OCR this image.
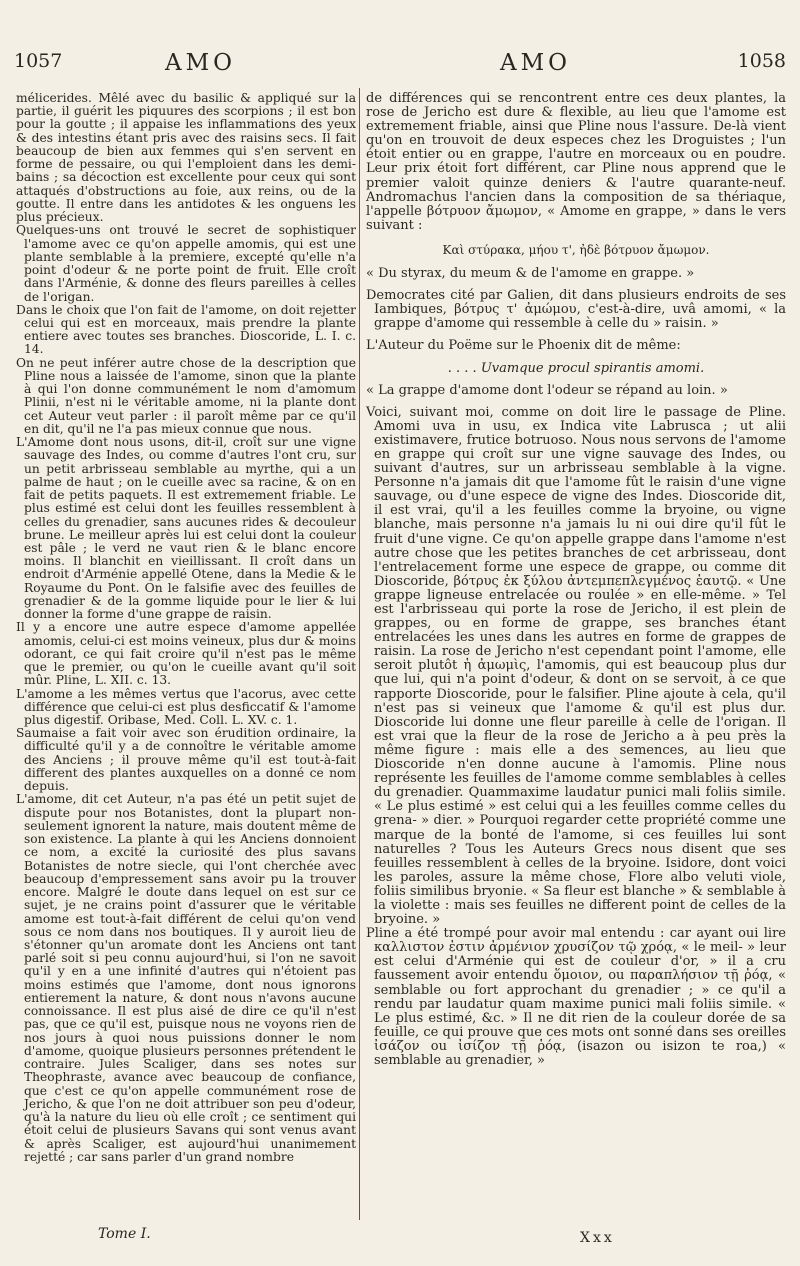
1057	AMO	AMO	1058

mélicerides. Mêlé avec du basilic & appliqué sur la partie, il guérit les piquures des scorpions ; il est bon pour la goutte ; il appaise les inflammations des yeux & des intestins étant pris avec des raisins secs. Il fait beaucoup de bien aux femmes qui s'en servent en forme de pessaire, ou qui l'emploient dans les demi-bains ; sa décoction est excellente pour ceux qui sont attaqués d'obstructions au foie, aux reins, ou de la goutte. Il entre dans les antidotes & les onguens les plus précieux.

Quelques-uns ont trouvé le secret de sophistiquer l'amome avec ce qu'on appelle amomis, qui est une plante semblable à la premiere, excepté qu'elle n'a point d'odeur & ne porte point de fruit. Elle croît dans l'Arménie, & donne des fleurs pareilles à celles de l'origan.

Dans le choix que l'on fait de l'amome, on doit rejetter celui qui est en morceaux, mais prendre la plante entiere avec toutes ses branches. Dioscoride, L. I. c. 14.

On ne peut inférer autre chose de la description que Pline nous a laissée de l'amome, sinon que la plante à qui l'on donne communément le nom d'amomum Plinii, n'est ni le véritable amome, ni la plante dont cet Auteur veut parler : il paroît même par ce qu'il en dit, qu'il ne l'a pas mieux connue que nous.

L'Amome dont nous usons, dit-il, croît sur une vigne sauvage des Indes, ou comme d'autres l'ont cru, sur un petit arbrisseau semblable au myrthe, qui a un palme de haut ; on le cueille avec sa racine, & on en fait de petits paquets. Il est extremement friable. Le plus estimé est celui dont les feuilles ressemblent à celles du grenadier, sans aucunes rides & decouleur brune. Le meilleur après lui est celui dont la couleur est pâle ; le verd ne vaut rien & le blanc encore moins. Il blanchit en vieillissant. Il croît dans un endroit d'Arménie appellé Otene, dans la Medie & le Royaume du Pont. On le falsifie avec des feuilles de grenadier & de la gomme liquide pour le lier & lui donner la forme d'une grappe de raisin.

Il y a encore une autre espece d'amome appellée amomis, celui-ci est moins veineux, plus dur & moins odorant, ce qui fait croire qu'il n'est pas le même que le premier, ou qu'on le cueille avant qu'il soit mûr. Pline, L. XII. c. 13.

L'amome a les mêmes vertus que l'acorus, avec cette différence que celui-ci est plus desficcatif & l'amome plus digestif. Oribase, Med. Coll. L. XV. c. 1.

Saumaise a fait voir avec son érudition ordinaire, la difficulté qu'il y a de connoître le véritable amome des Anciens ; il prouve même qu'il est tout-à-fait different des plantes auxquelles on a donné ce nom depuis.

L'amome, dit cet Auteur, n'a pas été un petit sujet de dispute pour nos Botanistes, dont la plupart non-seulement ignorent la nature, mais doutent même de son existence. La plante à qui les Anciens donnoient ce nom, a excité la curiosité des plus savans Botanistes de notre siecle, qui l'ont cherchée avec beaucoup d'empressement sans avoir pu la trouver encore. Malgré le doute dans lequel on est sur ce sujet, je ne crains point d'assurer que le véritable amome est tout-à-fait différent de celui qu'on vend sous ce nom dans nos boutiques. Il y auroit lieu de s'étonner qu'un aromate dont les Anciens ont tant parlé soit si peu connu aujourd'hui, si l'on ne savoit qu'il y en a une infinité d'autres qui n'étoient pas moins estimés que l'amome, dont nous ignorons entierement la nature, & dont nous n'avons aucune connoissance. Il est plus aisé de dire ce qu'il n'est pas, que ce qu'il est, puisque nous ne voyons rien de nos jours à quoi nous puissions donner le nom d'amome, quoique plusieurs personnes prétendent le contraire. Jules Scaliger, dans ses notes sur Theophraste, avance avec beaucoup de confiance, que c'est ce qu'on appelle communément rose de Jericho, & que l'on ne doit attribuer son peu d'odeur, qu'à la nature du lieu où elle croît ; ce sentiment qui étoit celui de plusieurs Savans qui sont venus avant & après Scaliger, est aujourd'hui unanimement rejetté ; car sans parler d'un grand nombre

de différences qui se rencontrent entre ces deux plantes, la rose de Jericho est dure & flexible, au lieu que l'amome est extremement friable, ainsi que Pline nous l'assure. De-là vient qu'on en trouvoit de deux especes chez les Droguistes ; l'un étoit entier ou en grappe, l'autre en morceaux ou en poudre. Leur prix étoit fort différent, car Pline nous apprend que le premier valoit quinze deniers & l'autre quarante-neuf. Andromachus l'ancien dans la composition de sa thériaque, l'appelle βότρυον ἄμωμον, « Amome en grappe, » dans le vers suivant :

Καὶ στύρακα, μήου τ', ἠδὲ βότρυον ἄμωμον.

« Du styrax, du meum & de l'amome en grappe. »

Democrates cité par Galien, dit dans plusieurs endroits de ses Iambiques, βότρυς τ' ἀμώμου, c'est-à-dire, uvâ amomi, « la grappe d'amome qui ressemble à celle du » raisin. »

L'Auteur du Poëme sur le Phoenix dit de même:

. . . . Uvamque procul spirantis amomi.

« La grappe d'amome dont l'odeur se répand au loin. »

Voici, suivant moi, comme on doit lire le passage de Pline. Amomi uva in usu, ex Indica vite Labrusca ; ut alii existimavere, frutice botruoso. Nous nous servons de l'amome en grappe qui croît sur une vigne sauvage des Indes, ou suivant d'autres, sur un arbrisseau semblable à la vigne. Personne n'a jamais dit que l'amome fût le raisin d'une vigne sauvage, ou d'une espece de vigne des Indes. Dioscoride dit, il est vrai, qu'il a les feuilles comme la bryoine, ou vigne blanche, mais personne n'a jamais lu ni oui dire qu'il fût le fruit d'une vigne. Ce qu'on appelle grappe dans l'amome n'est autre chose que les petites branches de cet arbrisseau, dont l'entrelacement forme une espece de grappe, ou comme dit Dioscoride, βότρυς ἐκ ξύλου ἀντεμπεπλεγμένος ἑαυτῷ. « Une grappe ligneuse entrelacée ou roulée » en elle-même. » Tel est l'arbrisseau qui porte la rose de Jericho, il est plein de grappes, ou en forme de grappe, ses branches étant entrelacées les unes dans les autres en forme de grappes de raisin. La rose de Jericho n'est cependant point l'amome, elle seroit plutôt ἡ ἀμωμὶς, l'amomis, qui est beaucoup plus dur que lui, qui n'a point d'odeur, & dont on se servoit, à ce que rapporte Dioscoride, pour le falsifier. Pline ajoute à cela, qu'il n'est pas si veineux que l'amome & qu'il est plus dur. Dioscoride lui donne une fleur pareille à celle de l'origan. Il est vrai que la fleur de la rose de Jericho a à peu près la même figure : mais elle a des semences, au lieu que Dioscoride n'en donne aucune à l'amomis. Pline nous représente les feuilles de l'amome comme semblables à celles du grenadier. Quammaxime laudatur punici mali foliis simile. « Le plus estimé » est celui qui a les feuilles comme celles du grena- » dier. » Pourquoi regarder cette propriété comme une marque de la bonté de l'amome, si ces feuilles lui sont naturelles ? Tous les Auteurs Grecs nous disent que ses feuilles ressemblent à celles de la bryoine. Isidore, dont voici les paroles, assure la même chose, Flore albo veluti viole, foliis similibus bryonie. « Sa fleur est blanche » & semblable à la violette : mais ses feuilles ne different point de celles de la bryoine. »

Pline a été trompé pour avoir mal entendu : car ayant oui lire καλλιστον ἐστιν ἀρμένιον χρυσίζον τῷ χρόᾳ, « le meil- » leur est celui d'Arménie qui est de couleur d'or, » il a cru faussement avoir entendu ὅμοιον, ou παραπλήσιον τῇ ῥόᾳ, « semblable ou fort approchant du grenadier ; » ce qu'il a rendu par laudatur quam maxime punici mali foliis simile. « Le plus estimé, &c. » Il ne dit rien de la couleur dorée de sa feuille, ce qui prouve que ces mots ont sonné dans ses oreilles ἰσάζον ou ἰσίζον τῇ ῥόᾳ, (isazon ou isizon te roa,) « semblable au grenadier, »

Tome I.	Xxx
